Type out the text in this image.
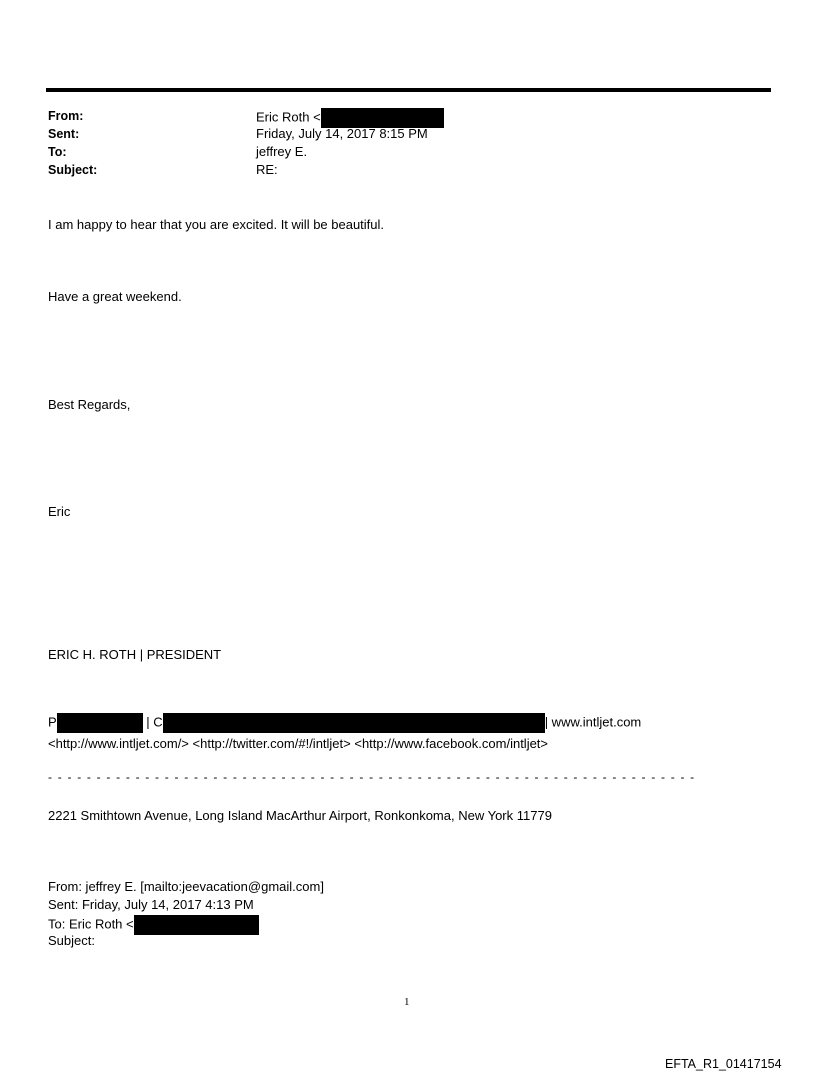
From:	Eric Roth <
Sent:	Friday, July 14, 2017 8:15 PM
To:	jeffrey E.
Subject:	RE:
I am happy to hear that you are excited. It will be beautiful.
Have a great weekend.
Best Regards,
Eric
ERIC H. ROTH | PRESIDENT
P	| C	| www.intljet.com
<http://www.intljet.com/> <http://twitter.com/#!/intljet> <http://www.facebook.com/intljet>
- - - - - - - - - - - - - - - - - - - - - - - - - - - - - - - - - - - - - - - - - - - - - - - - - - - - - - - - - - - - - - - - - - -
2221 Smithtown Avenue, Long Island MacArthur Airport, Ronkonkoma, New York 11779
From: jeffrey E. [mailto:jeevacation@gmail.com]
Sent: Friday, July 14, 2017 4:13 PM
To: Eric Roth <
Subject:
1
EFTA_R1_01417154
